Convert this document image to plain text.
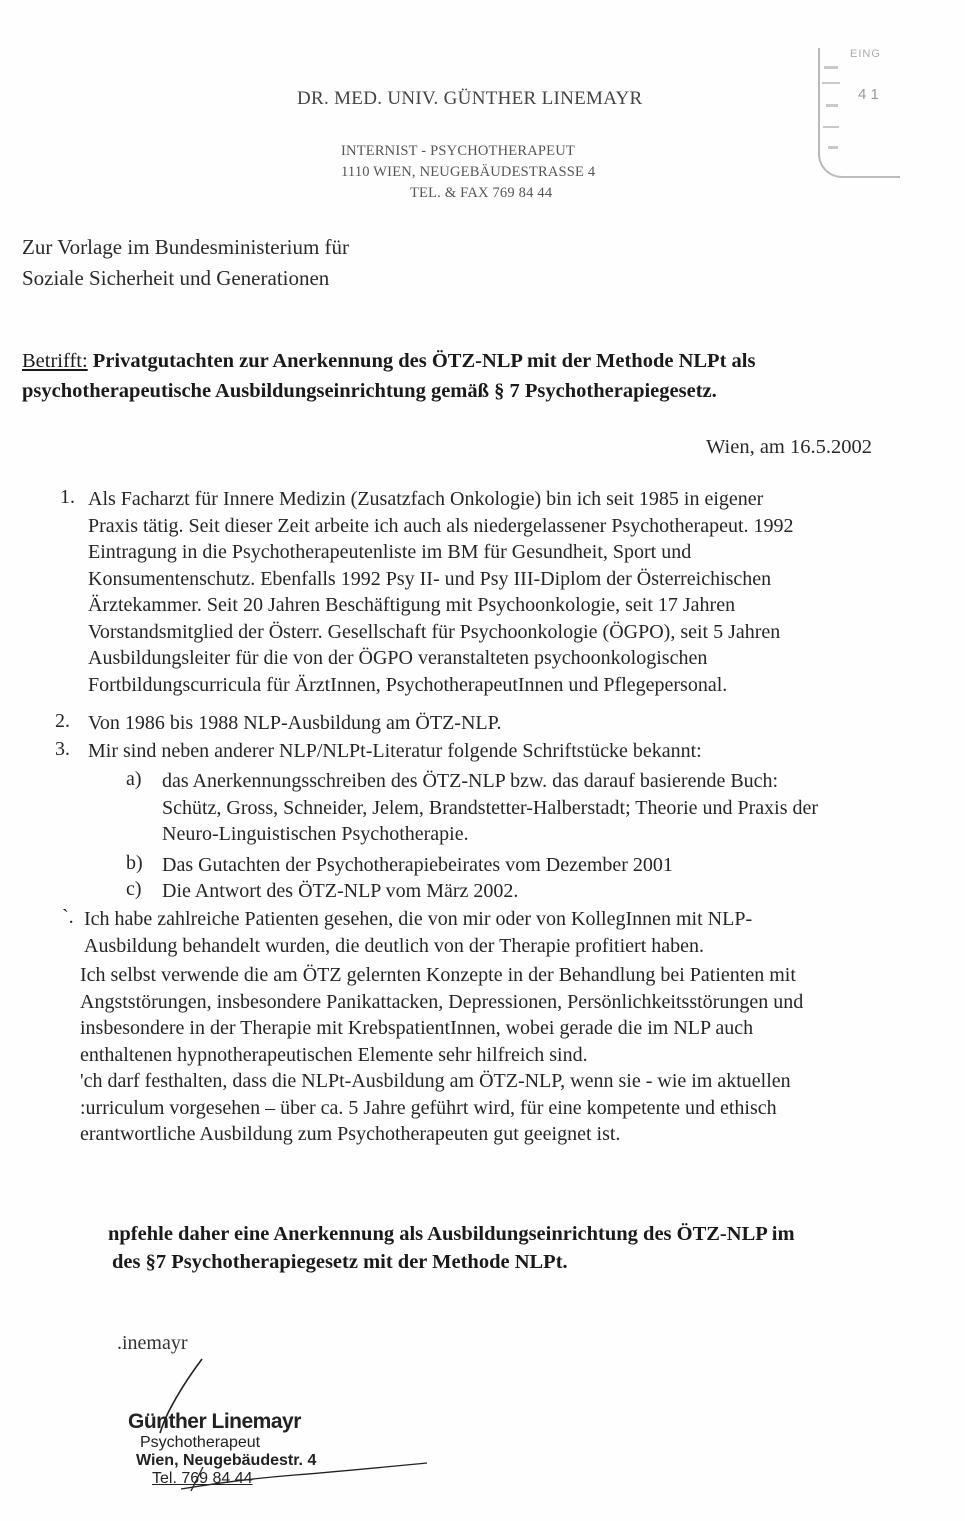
DR. MED. UNIV. GÜNTHER LINEMAYR
INTERNIST - PSYCHOTHERAPEUT
1110 WIEN, NEUGEBÄUDESTRASSE 4
TEL. & FAX 769 84 44
EING
4 1
Zur Vorlage im Bundesministerium für
Soziale Sicherheit und Generationen
Betrifft: Privatgutachten zur Anerkennung des ÖTZ-NLP mit der Methode NLPt als
psychotherapeutische Ausbildungseinrichtung gemäß § 7 Psychotherapiegesetz.
Wien, am 16.5.2002
1. Als Facharzt für Innere Medizin (Zusatzfach Onkologie) bin ich seit 1985 in eigener
Praxis tätig. Seit dieser Zeit arbeite ich auch als niedergelassener Psychotherapeut. 1992
Eintragung in die Psychotherapeutenliste im BM für Gesundheit, Sport und
Konsumentenschutz. Ebenfalls 1992 Psy II- und Psy III-Diplom der Österreichischen
Ärztekammer. Seit 20 Jahren Beschäftigung mit Psychoonkologie, seit 17 Jahren
Vorstandsmitglied der Österr. Gesellschaft für Psychoonkologie (ÖGPO), seit 5 Jahren
Ausbildungsleiter für die von der ÖGPO veranstalteten psychoonkologischen
Fortbildungscurricula für ÄrztInnen, PsychotherapeutInnen und Pflegepersonal.
2. Von 1986 bis 1988 NLP-Ausbildung am ÖTZ-NLP.
3. Mir sind neben anderer NLP/NLPt-Literatur folgende Schriftstücke bekannt:
a) das Anerkennungsschreiben des ÖTZ-NLP bzw. das darauf basierende Buch:
Schütz, Gross, Schneider, Jelem, Brandstetter-Halberstadt; Theorie und Praxis der
Neuro-Linguistischen Psychotherapie.
b) Das Gutachten der Psychotherapiebeirates vom Dezember 2001
c) Die Antwort des ÖTZ-NLP vom März 2002.
`. Ich habe zahlreiche Patienten gesehen, die von mir oder von KollegInnen mit NLP-
Ausbildung behandelt wurden, die deutlich von der Therapie profitiert haben.
Ich selbst verwende die am ÖTZ gelernten Konzepte in der Behandlung bei Patienten mit
Angststörungen, insbesondere Panikattacken, Depressionen, Persönlichkeitsstörungen und
insbesondere in der Therapie mit KrebspatientInnen, wobei gerade die im NLP auch
enthaltenen hypnotherapeutischen Elemente sehr hilfreich sind.
'ch darf festhalten, dass die NLPt-Ausbildung am ÖTZ-NLP, wenn sie - wie im aktuellen
:urriculum vorgesehen – über ca. 5 Jahre geführt wird, für eine kompetente und ethisch
erantwortliche Ausbildung zum Psychotherapeuten gut geeignet ist.
npfehle daher eine Anerkennung als Ausbildungseinrichtung des ÖTZ-NLP im
des §7 Psychotherapiegesetz mit der Methode NLPt.
.inemayr
Günther Linemayr
Psychotherapeut
Wien, Neugebäudestr. 4
Tel. 769 84 44
